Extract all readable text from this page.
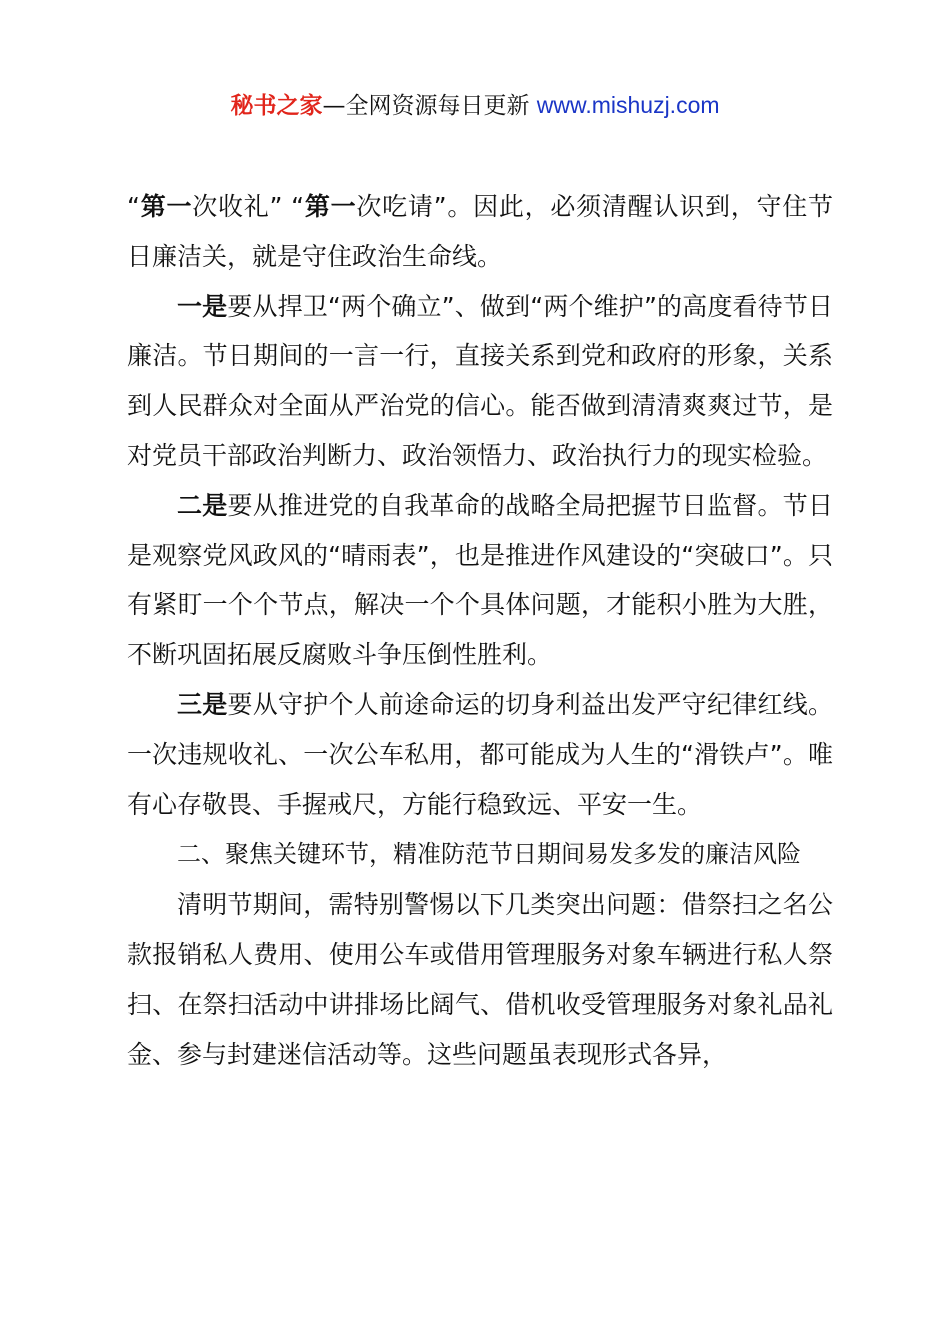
秘书之家—全网资源每日更新 www.mishuzj.com

“第一次收礼” “第一次吃请”。因此，必须清醒认识到，守住节日廉洁关，就是守住政治生命线。

一是要从捍卫“两个确立”、做到“两个维护”的高度看待节日廉洁。节日期间的一言一行，直接关系到党和政府的形象，关系到人民群众对全面从严治党的信心。能否做到清清爽爽过节，是对党员干部政治判断力、政治领悟力、政治执行力的现实检验。

二是要从推进党的自我革命的战略全局把握节日监督。节日是观察党风政风的“晴雨表”，也是推进作风建设的“突破口”。只有紧盯一个个节点，解决一个个具体问题，才能积小胜为大胜，不断巩固拓展反腐败斗争压倒性胜利。

三是要从守护个人前途命运的切身利益出发严守纪律红线。一次违规收礼、一次公车私用，都可能成为人生的“滑铁卢”。唯有心存敬畏、手握戒尺，方能行稳致远、平安一生。

二、聚焦关键环节，精准防范节日期间易发多发的廉洁风险

清明节期间，需特别警惕以下几类突出问题：借祭扫之名公款报销私人费用、使用公车或借用管理服务对象车辆进行私人祭扫、在祭扫活动中讲排场比阔气、借机收受管理服务对象礼品礼金、参与封建迷信活动等。这些问题虽表现形式各异，
